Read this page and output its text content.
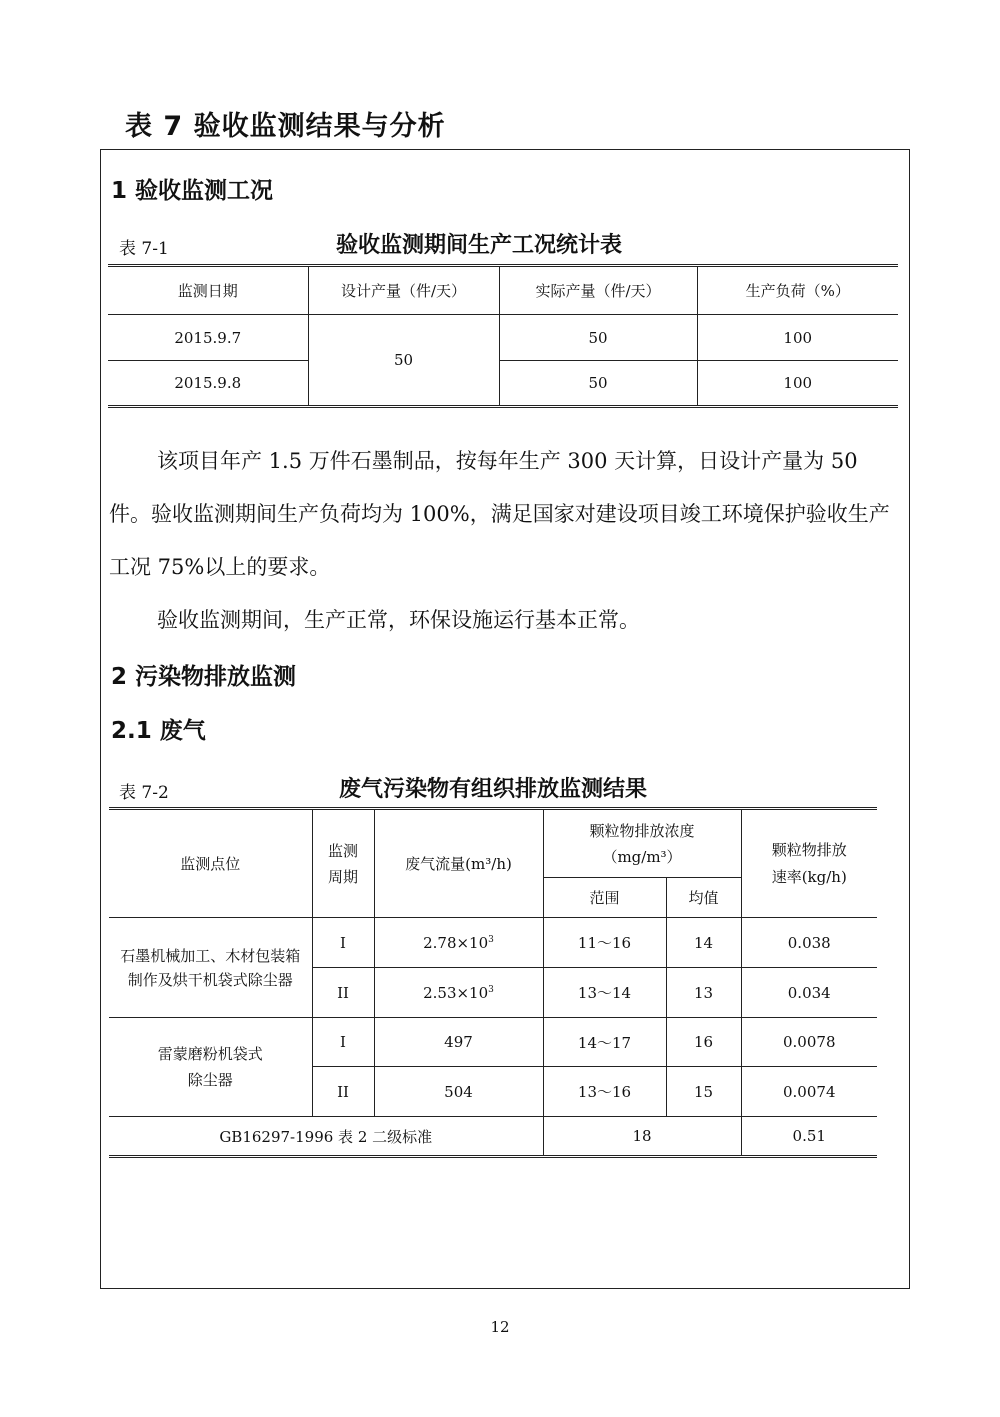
表 7 验收监测结果与分析
1 验收监测工况
表 7-1	验收监测期间生产工况统计表
监测日期	设计产量（件/天）	实际产量（件/天）	生产负荷（%）
2015.9.7	50	50	100
2015.9.8		50	100

该项目年产 1.5 万件石墨制品，按每年生产 300 天计算，日设计产量为 50 件。验收监测期间生产负荷均为 100%，满足国家对建设项目竣工环境保护验收生产工况 75%以上的要求。

验收监测期间，生产正常，环保设施运行基本正常。

2 污染物排放监测
2.1 废气
表 7-2	废气污染物有组织排放监测结果
监测点位	监测周期	废气流量(m³/h)	颗粒物排放浓度（mg/m³）		颗粒物排放速率(kg/h)
			范围	均值	
石墨机械加工、木材包装箱制作及烘干机袋式除尘器	I	$2.78\times 10^3$	11～16	14	0.038
	II	$2.53\times 10^3$	13～14	13	0.034
雷蒙磨粉机袋式除尘器	I	497	14～17	16	0.0078
	II	504	13～16	15	0.0074
GB16297-1996 表 2 二级标准			18		0.51
12
